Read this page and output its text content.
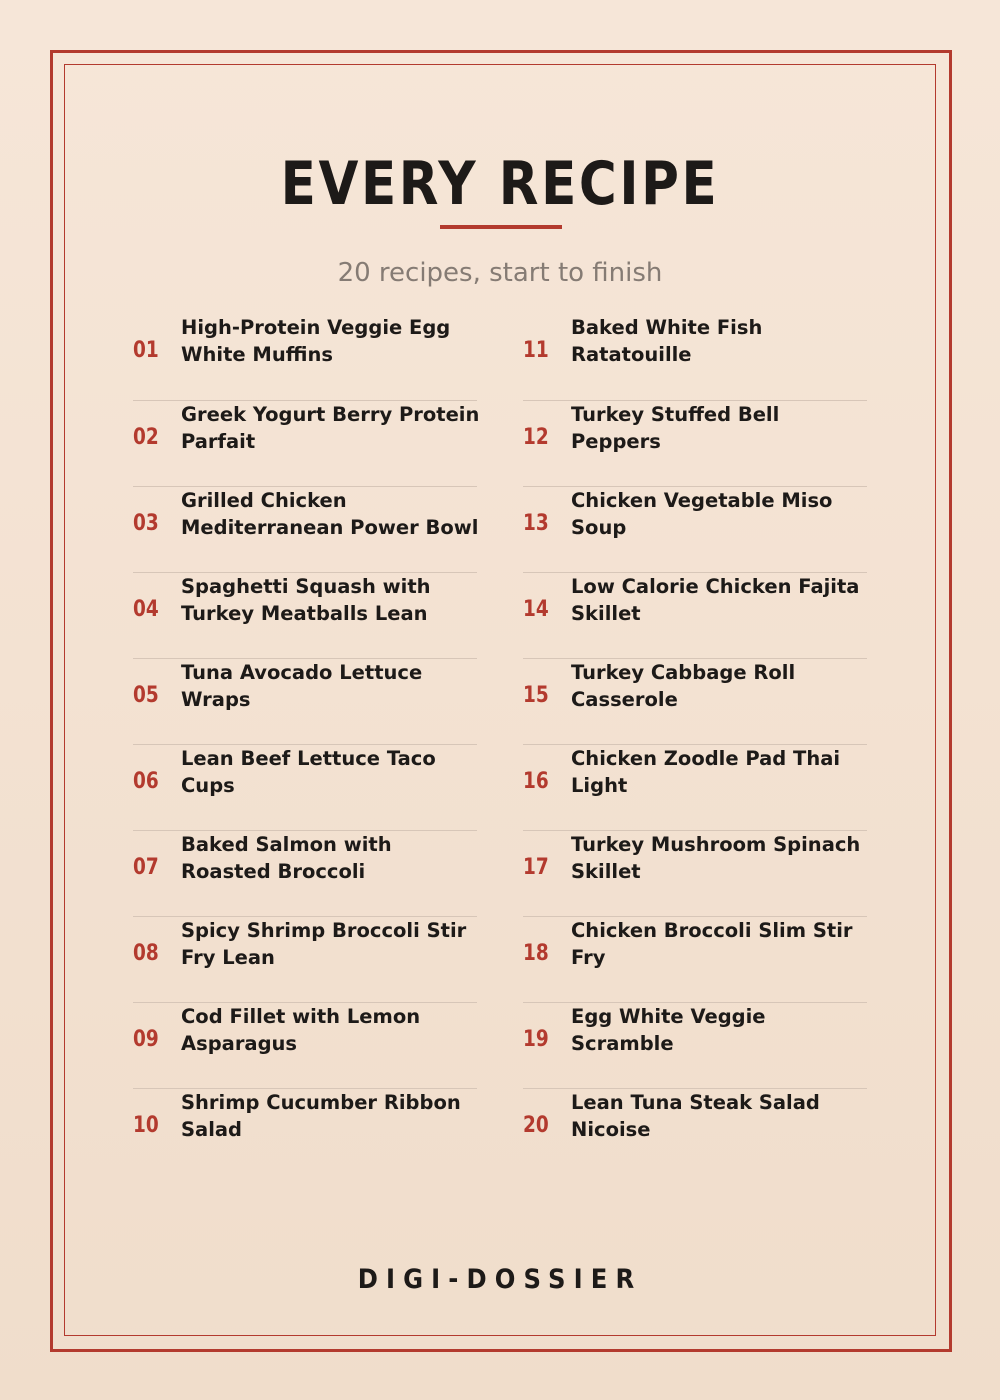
EVERY RECIPE
20 recipes, start to finish
01
High-Protein Veggie Egg
White Muffins
02
Greek Yogurt Berry Protein
Parfait
03
Grilled Chicken
Mediterranean Power Bowl
04
Spaghetti Squash with
Turkey Meatballs Lean
05
Tuna Avocado Lettuce
Wraps
06
Lean Beef Lettuce Taco
Cups
07
Baked Salmon with
Roasted Broccoli
08
Spicy Shrimp Broccoli Stir
Fry Lean
09
Cod Fillet with Lemon
Asparagus
10
Shrimp Cucumber Ribbon
Salad
11
Baked White Fish
Ratatouille
12
Turkey Stuffed Bell
Peppers
13
Chicken Vegetable Miso
Soup
14
Low Calorie Chicken Fajita
Skillet
15
Turkey Cabbage Roll
Casserole
16
Chicken Zoodle Pad Thai
Light
17
Turkey Mushroom Spinach
Skillet
18
Chicken Broccoli Slim Stir
Fry
19
Egg White Veggie
Scramble
20
Lean Tuna Steak Salad
Nicoise
DIGI-DOSSIER
